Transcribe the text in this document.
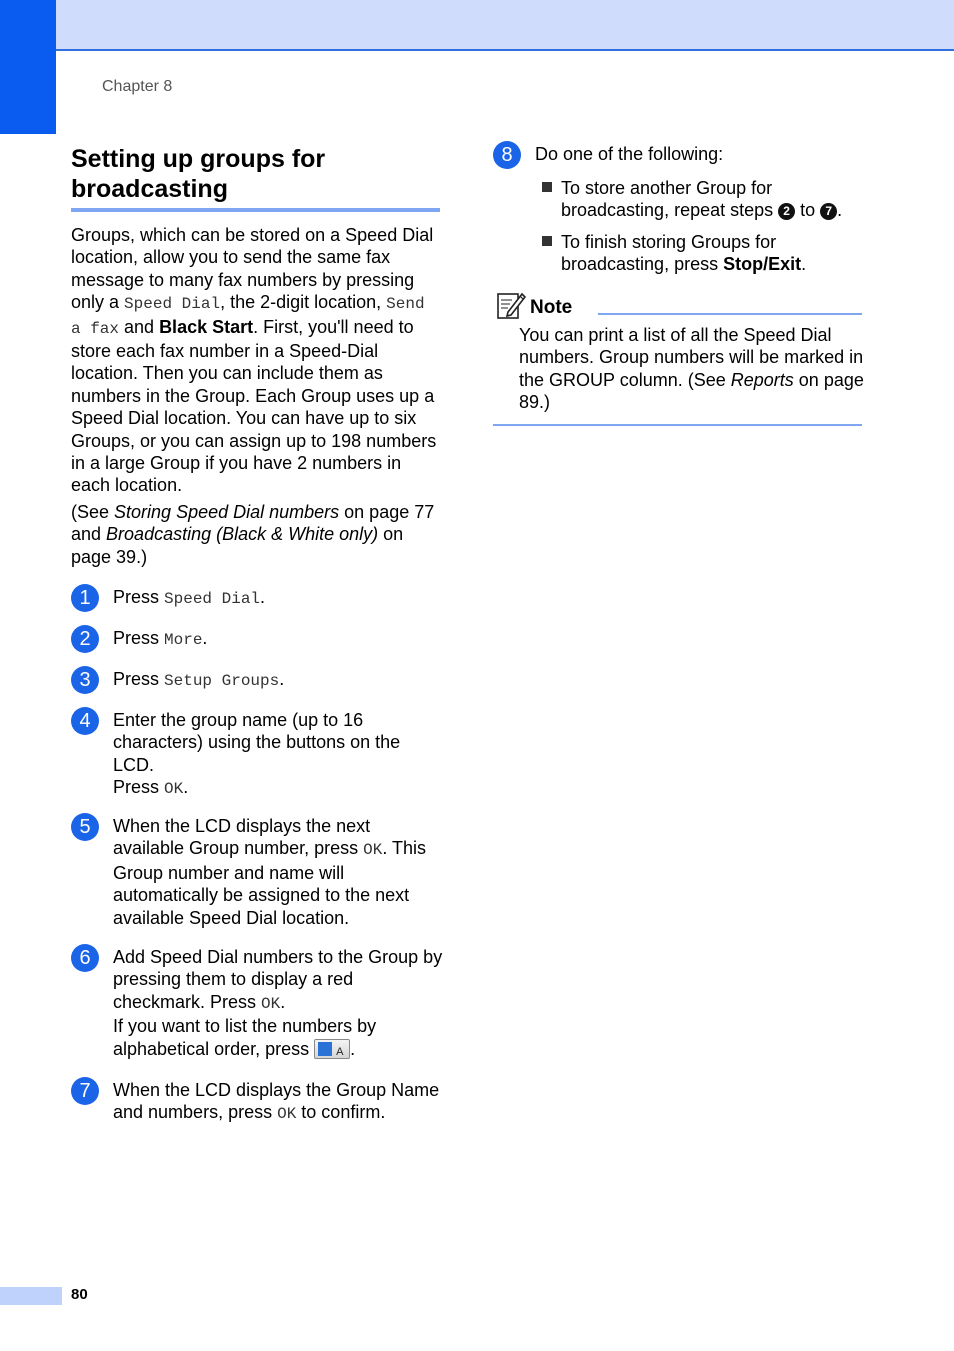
Chapter 8
Setting up groups for broadcasting
Groups, which can be stored on a Speed Dial location, allow you to send the same fax message to many fax numbers by pressing only a Speed Dial, the 2-digit location, Send a fax and Black Start. First, you'll need to store each fax number in a Speed-Dial location. Then you can include them as numbers in the Group. Each Group uses up a Speed Dial location. You can have up to six Groups, or you can assign up to 198 numbers in a large Group if you have 2 numbers in each location.
(See Storing Speed Dial numbers on page 77 and Broadcasting (Black & White only) on page 39.)
1	Press Speed Dial.
2	Press More.
3	Press Setup Groups.
4	Enter the group name (up to 16 characters) using the buttons on the LCD.
Press OK.
5	When the LCD displays the next available Group number, press OK. This Group number and name will automatically be assigned to the next available Speed Dial location.
6	Add Speed Dial numbers to the Group by pressing them to display a red checkmark. Press OK.
If you want to list the numbers by alphabetical order, press A .
7	When the LCD displays the Group Name and numbers, press OK to confirm.
8	Do one of the following:
To store another Group for broadcasting, repeat steps 2 to 7 .
To finish storing Groups for broadcasting, press Stop/Exit.
Note
You can print a list of all the Speed Dial numbers. Group numbers will be marked in the GROUP column. (See Reports on page 89.)
80
